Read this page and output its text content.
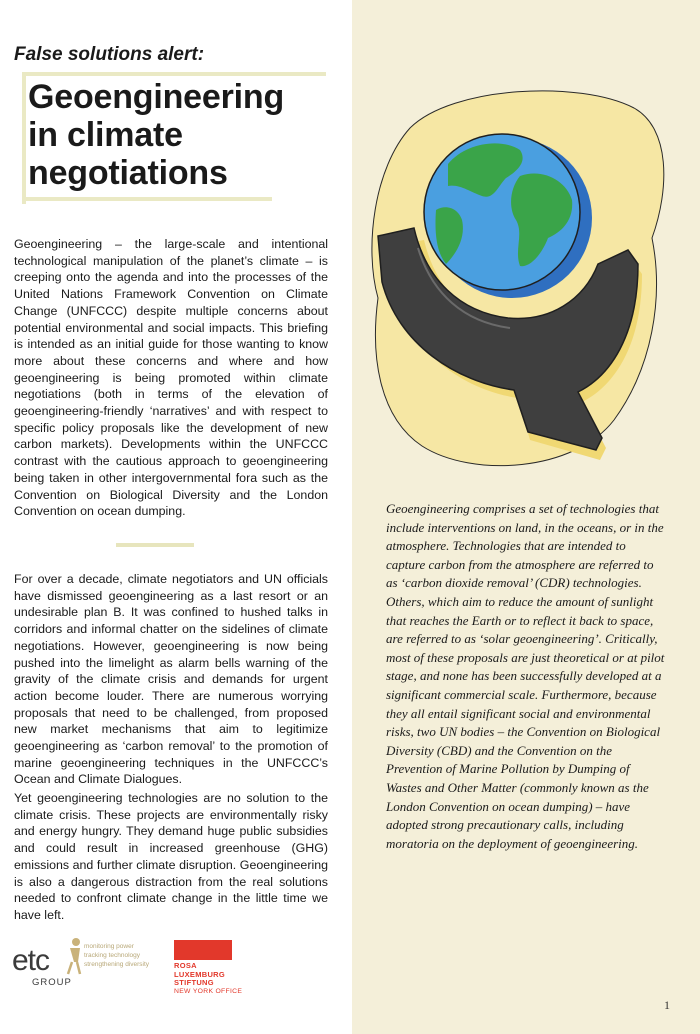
False solutions alert:
Geoengineering
in climate
negotiations
Geoengineering – the large-scale and intentional technological manipulation of the planet’s climate – is creeping onto the agenda and into the processes of the United Nations Framework Convention on Climate Change (UNFCCC) despite multiple concerns about potential environmental and social impacts. This briefing is intended as an initial guide for those wanting to know more about these concerns and where and how geoengineering is being promoted within climate negotiations (both in terms of the elevation of geoengineering-friendly ‘narratives’ and with respect to specific policy proposals like the development of new carbon markets). Developments within the UNFCCC contrast with the cautious approach to geoengineering being taken in other intergovernmental fora such as the Convention on Biological Diversity and the London Convention on ocean dumping.
For over a decade, climate negotiators and UN officials have dismissed geoengineering as a last resort or an undesirable plan B. It was confined to hushed talks in corridors and informal chatter on the sidelines of climate negotiations. However, geoengineering is now being pushed into the limelight as alarm bells warning of the gravity of the climate crisis and demands for urgent action become louder. There are numerous worrying proposals that need to be challenged, from proposed new market mechanisms that aim to legitimize geoengineering as ‘carbon removal’ to the promotion of marine geoengineering techniques in the UNFCCC’s Ocean and Climate Dialogues.
Yet geoengineering technologies are no solution to the climate crisis. These projects are environmentally risky and energy hungry. They demand huge public subsidies and could result in increased greenhouse (GHG) emissions and further climate disruption. Geoengineering is also a dangerous distraction from the real solutions needed to confront climate change in the little time we have left.
Geoengineering comprises a set of technologies that include interventions on land, in the oceans, or in the atmosphere. Technologies that are intended to capture carbon from the atmosphere are referred to as ‘carbon dioxide removal’ (CDR) technologies. Others, which aim to reduce the amount of sunlight that reaches the Earth or to reflect it back to space, are referred to as ‘solar geoengineering’. Critically, most of these proposals are just theoretical or at pilot stage, and none has been successfully developed at a significant commercial scale. Furthermore, because they all entail significant social and environmental risks, two UN bodies – the Convention on Biological Diversity (CBD) and the Convention on the Prevention of Marine Pollution by Dumping of Wastes and Other Matter (commonly known as the London Convention on ocean dumping) – have adopted strong precautionary calls, including moratoria on the deployment of geoengineering.
etc
GROUP
monitoring power
tracking technology
strengthening diversity	ROSA
LUXEMBURG
STIFTUNG
NEW YORK OFFICE
1
